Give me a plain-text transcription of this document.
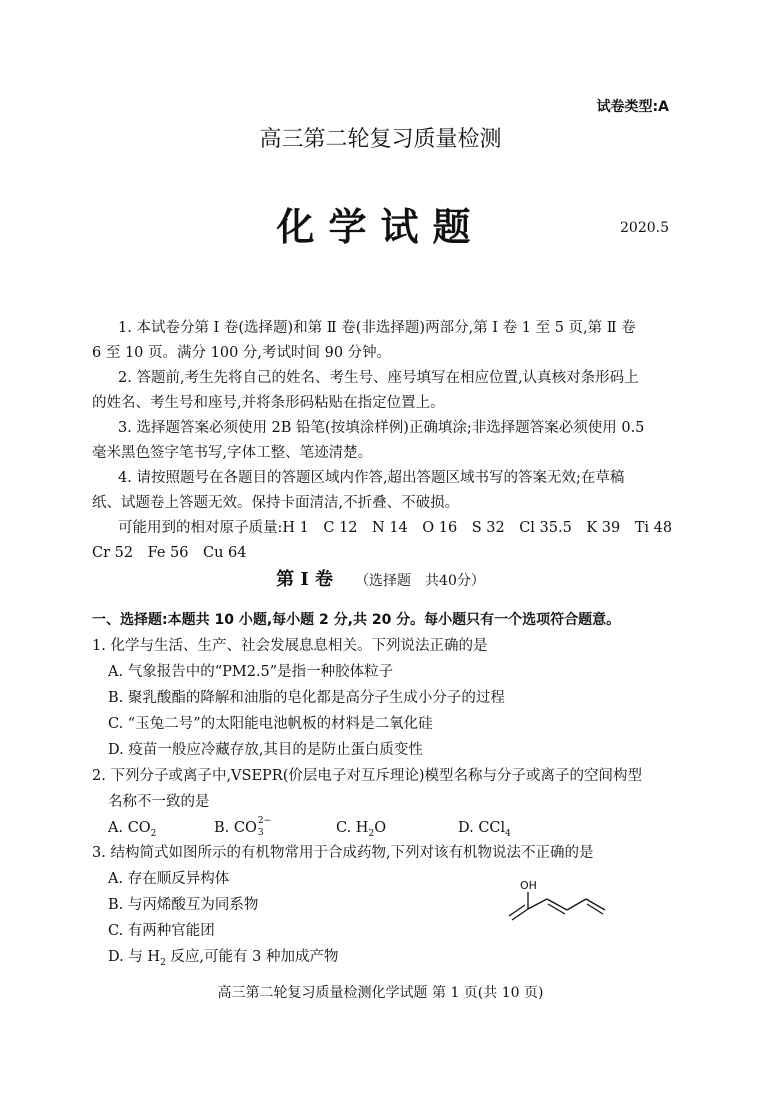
试卷类型:A
高三第二轮复习质量检测
化学试题	2020.5
1. 本试卷分第 Ⅰ 卷(选择题)和第 Ⅱ 卷(非选择题)两部分,第 Ⅰ 卷 1 至 5 页,第 Ⅱ 卷
6 至 10 页。满分 100 分,考试时间 90 分钟。
2. 答题前,考生先将自己的姓名、考生号、座号填写在相应位置,认真核对条形码上
的姓名、考生号和座号,并将条形码粘贴在指定位置上。
3. 选择题答案必须使用 2B 铅笔(按填涂样例)正确填涂;非选择题答案必须使用 0.5
毫米黑色签字笔书写,字体工整、笔迹清楚。
4. 请按照题号在各题目的答题区域内作答,超出答题区域书写的答案无效;在草稿
纸、试题卷上答题无效。保持卡面清洁,不折叠、不破损。
可能用到的相对原子质量:H 1　C 12　N 14　O 16　S 32　Cl 35.5　K 39　Ti 48
Cr 52　Fe 56　Cu 64
第 Ⅰ 卷 （选择题　共40分）
一、选择题:本题共 10 小题,每小题 2 分,共 20 分。每小题只有一个选项符合题意。
1. 化学与生活、生产、社会发展息息相关。下列说法正确的是
A. 气象报告中的“PM2.5”是指一种胶体粒子
B. 聚乳酸酯的降解和油脂的皂化都是高分子生成小分子的过程
C. “玉兔二号”的太阳能电池帆板的材料是二氧化硅
D. 疫苗一般应冷藏存放,其目的是防止蛋白质变性
2. 下列分子或离子中,VSEPR(价层电子对互斥理论)模型名称与分子或离子的空间构型
名称不一致的是
A. $CO_2$	B. CO 3
2−	C. $H_2O$	D. CCl$_4$
3. 结构简式如图所示的有机物常用于合成药物,下列对该有机物说法不正确的是
A. 存在顺反异构体
B. 与丙烯酸互为同系物
C. 有两种官能团
D. 与 $H_2$ 反应,可能有 3 种加成产物
OH
高三第二轮复习质量检测化学试题 第 1 页(共 10 页)
